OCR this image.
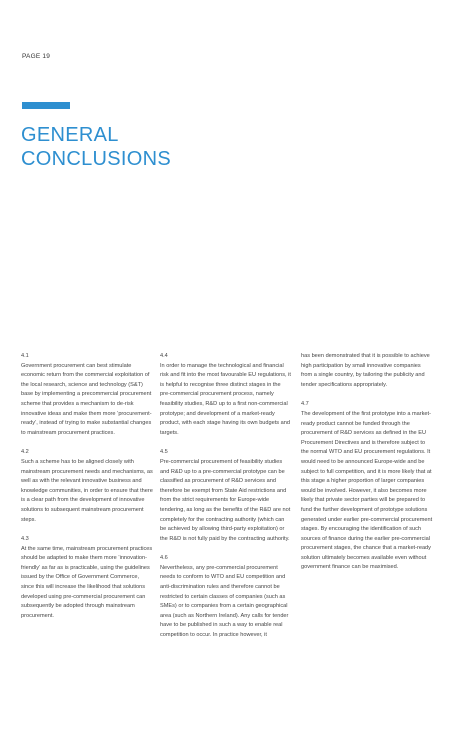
PAGE 19
GENERAL
CONCLUSIONS
4.1
Government procurement can best stimulate economic return from the commercial exploitation of the local research, science and technology (S&T) base by implementing a precommercial procurement scheme that provides a mechanism to de-risk innovative ideas and make them more ‘procurement-ready’, instead of trying to make substantial changes to mainstream procurement practices.
4.2
Such a scheme has to be aligned closely with mainstream procurement needs and mechanisms, as well as with the relevant innovative business and knowledge communities, in order to ensure that there is a clear path from the development of innovative solutions to subsequent mainstream procurement steps.
4.3
At the same time, mainstream procurement practices should be adapted to make them more ‘innovation-friendly’ as far as is practicable, using the guidelines issued by the Office of Government Commerce, since this will increase the likelihood that solutions developed using pre-commercial procurement can subsequently be adopted through mainstream procurement.
4.4
In order to manage the technological and financial risk and fit into the most favourable EU regulations, it is helpful to recognise three distinct stages in the pre-commercial procurement process, namely feasibility studies, R&D up to a first non-commercial prototype; and development of a market-ready product, with each stage having its own budgets and targets.
4.5
Pre-commercial procurement of feasibility studies and R&D up to a pre-commercial prototype can be classified as procurement of R&D services and therefore be exempt from State Aid restrictions and from the strict requirements for Europe-wide tendering, as long as the benefits of the R&D are not completely for the contracting authority (which can be achieved by allowing third-party exploitation) or the R&D is not fully paid by the contracting authority.
4.6
Nevertheless, any pre-commercial procurement needs to conform to WTO and EU competition and anti-discrimination rules and therefore cannot be restricted to certain classes of companies (such as SMEs) or to companies from a certain geographical area (such as Northern Ireland). Any calls for tender have to be published in such a way to enable real competition to occur. In practice however, it
has been demonstrated that it is possible to achieve high participation by small innovative companies from a single country, by tailoring the publicity and tender specifications appropriately.
4.7
The development of the first prototype into a market-ready product cannot be funded through the procurement of R&D services as defined in the EU Procurement Directives and is therefore subject to the normal WTO and EU procurement regulations. It would need to be announced Europe-wide and be subject to full competition, and it is more likely that at this stage a higher proportion of larger companies would be involved. However, it also becomes more likely that private sector parties will be prepared to fund the further development of prototype solutions generated under earlier pre-commercial procurement stages. By encouraging the identification of such sources of finance during the earlier pre-commercial procurement stages, the chance that a market-ready solution ultimately becomes available even without government finance can be maximised.
